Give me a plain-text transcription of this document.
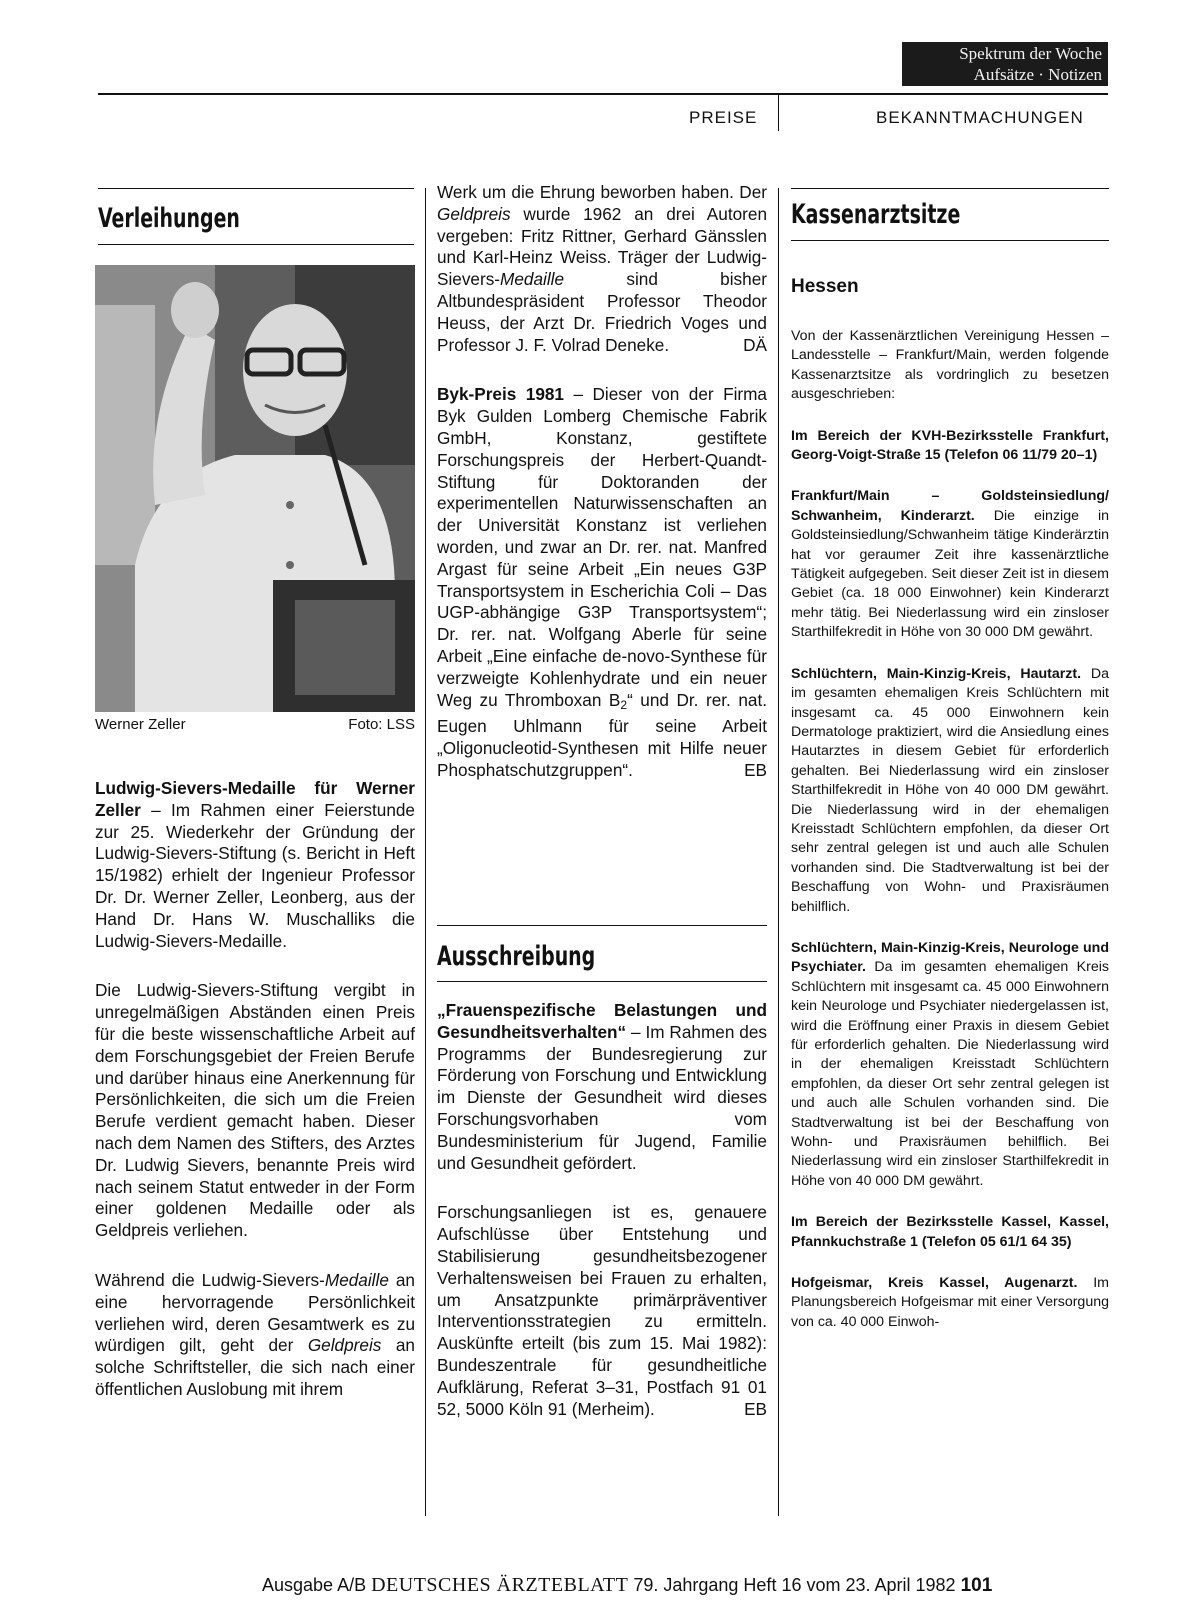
Spektrum der Woche
Aufsätze · Notizen
PREISE	BEKANNTMACHUNGEN
Verleihungen
Werner Zeller	Foto: LSS

Ludwig-Sievers-Medaille für Werner Zeller – Im Rahmen einer Feierstunde zur 25. Wiederkehr der Gründung der Ludwig-Sievers-Stiftung (s. Bericht in Heft 15/1982) erhielt der Ingenieur Professor Dr. Dr. Werner Zeller, Leonberg, aus der Hand Dr. Hans W. Muschalliks die Ludwig-Sievers-Medaille.

Die Ludwig-Sievers-Stiftung vergibt in unregelmäßigen Abständen einen Preis für die beste wissenschaftliche Arbeit auf dem Forschungsgebiet der Freien Berufe und darüber hinaus eine Anerkennung für Persönlichkeiten, die sich um die Freien Berufe verdient gemacht haben. Dieser nach dem Namen des Stifters, des Arztes Dr. Ludwig Sievers, benannte Preis wird nach seinem Statut entweder in der Form einer goldenen Medaille oder als Geldpreis verliehen.

Während die Ludwig-Sievers-Medaille an eine hervorragende Persönlichkeit verliehen wird, deren Gesamtwerk es zu würdigen gilt, geht der Geldpreis an solche Schriftsteller, die sich nach einer öffentlichen Auslobung mit ihrem

Werk um die Ehrung beworben haben. Der Geldpreis wurde 1962 an drei Autoren vergeben: Fritz Rittner, Gerhard Gänsslen und Karl-Heinz Weiss. Träger der Ludwig-Sievers-Medaille sind bisher Altbundespräsident Professor Theodor Heuss, der Arzt Dr. Friedrich Voges und Professor J. F. Volrad Deneke.	DÄ

Byk-Preis 1981 – Dieser von der Firma Byk Gulden Lomberg Chemische Fabrik GmbH, Konstanz, gestiftete Forschungspreis der Herbert-Quandt-Stiftung für Doktoranden der experimentellen Naturwissenschaften an der Universität Konstanz ist verliehen worden, und zwar an Dr. rer. nat. Manfred Argast für seine Arbeit „Ein neues G3P Transportsystem in Escherichia Coli – Das UGP-abhängige G3P Transportsystem“; Dr. rer. nat. Wolfgang Aberle für seine Arbeit „Eine einfache de-novo-Synthese für verzweigte Kohlenhydrate und ein neuer Weg zu Thromboxan $B_2“$ und Dr. rer. nat. Eugen Uhlmann für seine Arbeit „Oligonucleotid-Synthesen mit Hilfe neuer Phosphatschutzgruppen“.	EB

Ausschreibung

„Frauenspezifische Belastungen und Gesundheitsverhalten“ – Im Rahmen des Programms der Bundesregierung zur Förderung von Forschung und Entwicklung im Dienste der Gesundheit wird dieses Forschungsvorhaben vom Bundesministerium für Jugend, Familie und Gesundheit gefördert.

Forschungsanliegen ist es, genauere Aufschlüsse über Entstehung und Stabilisierung gesundheitsbezogener Verhaltensweisen bei Frauen zu erhalten, um Ansatzpunkte primärpräventiver Interventionsstrategien zu ermitteln. Auskünfte erteilt (bis zum 15. Mai 1982): Bundeszentrale für gesundheitliche Aufklärung, Referat 3–31, Postfach 91 01 52, 5000 Köln 91 (Merheim).	EB

Kassenarztsitze
Hessen

Von der Kassenärztlichen Vereinigung Hessen – Landesstelle – Frankfurt/Main, werden folgende Kassenarztsitze als vordringlich zu besetzen ausgeschrieben:

Im Bereich der KVH-Bezirksstelle Frankfurt, Georg-Voigt-Straße 15 (Telefon 06 11/79 20–1)

Frankfurt/Main – Goldsteinsiedlung/ Schwanheim, Kinderarzt. Die einzige in Goldsteinsiedlung/Schwanheim tätige Kinderärztin hat vor geraumer Zeit ihre kassenärztliche Tätigkeit aufgegeben. Seit dieser Zeit ist in diesem Gebiet (ca. 18 000 Einwohner) kein Kinderarzt mehr tätig. Bei Niederlassung wird ein zinsloser Starthilfekredit in Höhe von 30 000 DM gewährt.

Schlüchtern, Main-Kinzig-Kreis, Hautarzt. Da im gesamten ehemaligen Kreis Schlüchtern mit insgesamt ca. 45 000 Einwohnern kein Dermatologe praktiziert, wird die Ansiedlung eines Hautarztes in diesem Gebiet für erforderlich gehalten. Bei Niederlassung wird ein zinsloser Starthilfekredit in Höhe von 40 000 DM gewährt. Die Niederlassung wird in der ehemaligen Kreisstadt Schlüchtern empfohlen, da dieser Ort sehr zentral gelegen ist und auch alle Schulen vorhanden sind. Die Stadtverwaltung ist bei der Beschaffung von Wohn- und Praxisräumen behilflich.

Schlüchtern, Main-Kinzig-Kreis, Neurologe und Psychiater. Da im gesamten ehemaligen Kreis Schlüchtern mit insgesamt ca. 45 000 Einwohnern kein Neurologe und Psychiater niedergelassen ist, wird die Eröffnung einer Praxis in diesem Gebiet für erforderlich gehalten. Die Niederlassung wird in der ehemaligen Kreisstadt Schlüchtern empfohlen, da dieser Ort sehr zentral gelegen ist und auch alle Schulen vorhanden sind. Die Stadtverwaltung ist bei der Beschaffung von Wohn- und Praxisräumen behilflich. Bei Niederlassung wird ein zinsloser Starthilfekredit in Höhe von 40 000 DM gewährt.

Im Bereich der Bezirksstelle Kassel, Kassel, Pfannkuchstraße 1 (Telefon 05 61/1 64 35)

Hofgeismar, Kreis Kassel, Augenarzt. Im Planungsbereich Hofgeismar mit einer Versorgung von ca. 40 000 Einwoh-

Ausgabe A/B DEUTSCHES ÄRZTEBLATT 79. Jahrgang Heft 16 vom 23. April 1982 101
